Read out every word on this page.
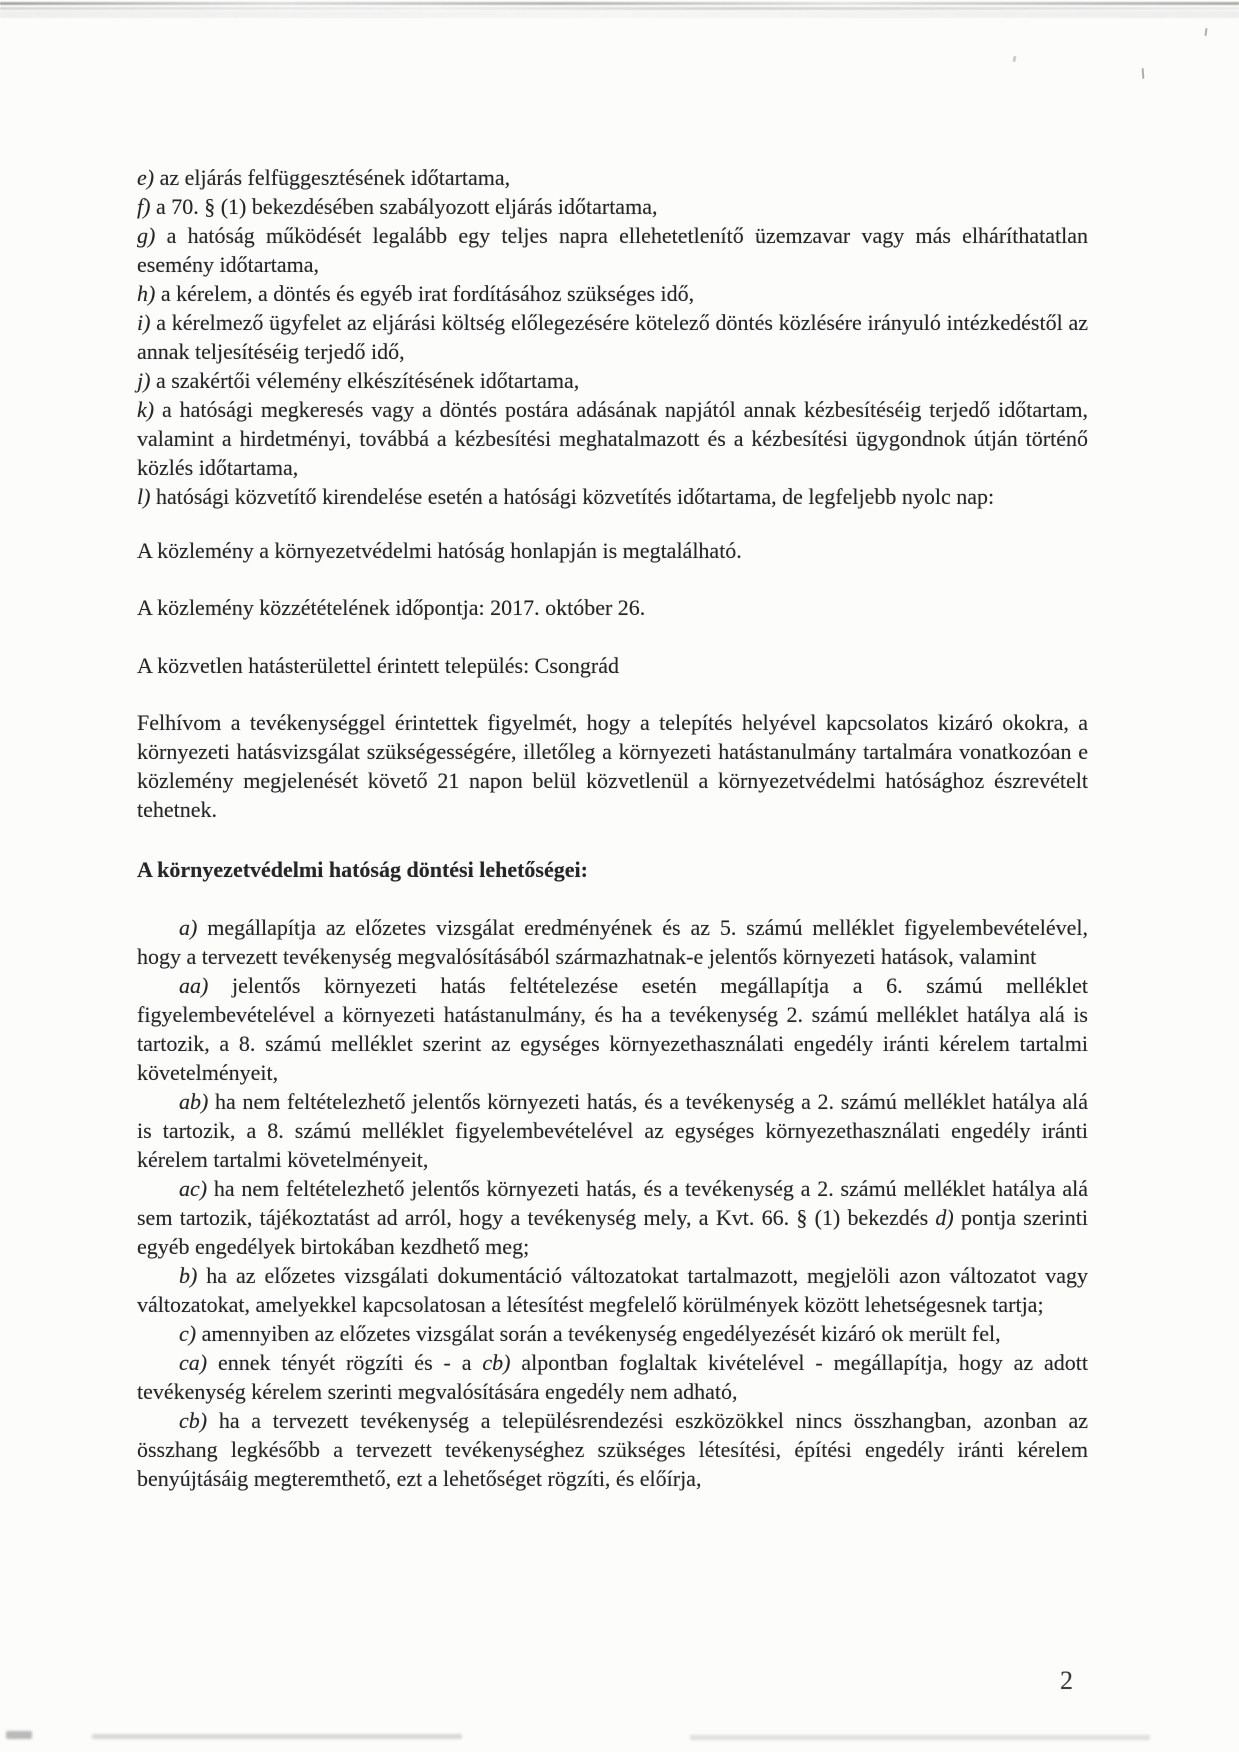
e) az eljárás felfüggesztésének időtartama,

f) a 70. § (1) bekezdésében szabályozott eljárás időtartama,

g) a hatóság működését legalább egy teljes napra ellehetetlenítő üzemzavar vagy más elháríthatatlan esemény időtartama,

h) a kérelem, a döntés és egyéb irat fordításához szükséges idő,

i) a kérelmező ügyfelet az eljárási költség előlegezésére kötelező döntés közlésére irányuló intézkedéstől az annak teljesítéséig terjedő idő,

j) a szakértői vélemény elkészítésének időtartama,

k) a hatósági megkeresés vagy a döntés postára adásának napjától annak kézbesítéséig terjedő időtartam, valamint a hirdetményi, továbbá a kézbesítési meghatalmazott és a kézbesítési ügygondnok útján történő közlés időtartama,

l) hatósági közvetítő kirendelése esetén a hatósági közvetítés időtartama, de legfeljebb nyolc nap:

A közlemény a környezetvédelmi hatóság honlapján is megtalálható.

A közlemény közzétételének időpontja: 2017. október 26.

A közvetlen hatásterülettel érintett település: Csongrád

Felhívom a tevékenységgel érintettek figyelmét, hogy a telepítés helyével kapcsolatos kizáró okokra, a környezeti hatásvizsgálat szükségességére, illetőleg a környezeti hatástanulmány tartalmára vonatkozóan e közlemény megjelenését követő 21 napon belül közvetlenül a környezetvédelmi hatósághoz észrevételt tehetnek.

A környezetvédelmi hatóság döntési lehetőségei:

a) megállapítja az előzetes vizsgálat eredményének és az 5. számú melléklet figyelembevételével, hogy a tervezett tevékenység megvalósításából származhatnak-e jelentős környezeti hatások, valamint

aa) jelentős környezeti hatás feltételezése esetén megállapítja a 6. számú melléklet figyelembevételével a környezeti hatástanulmány, és ha a tevékenység 2. számú melléklet hatálya alá is tartozik, a 8. számú melléklet szerint az egységes környezethasználati engedély iránti kérelem tartalmi követelményeit,

ab) ha nem feltételezhető jelentős környezeti hatás, és a tevékenység a 2. számú melléklet hatálya alá is tartozik, a 8. számú melléklet figyelembevételével az egységes környezethasználati engedély iránti kérelem tartalmi követelményeit,

ac) ha nem feltételezhető jelentős környezeti hatás, és a tevékenység a 2. számú melléklet hatálya alá sem tartozik, tájékoztatást ad arról, hogy a tevékenység mely, a Kvt. 66. § (1) bekezdés d) pontja szerinti egyéb engedélyek birtokában kezdhető meg;

b) ha az előzetes vizsgálati dokumentáció változatokat tartalmazott, megjelöli azon változatot vagy változatokat, amelyekkel kapcsolatosan a létesítést megfelelő körülmények között lehetségesnek tartja;

c) amennyiben az előzetes vizsgálat során a tevékenység engedélyezését kizáró ok merült fel,

ca) ennek tényét rögzíti és - a cb) alpontban foglaltak kivételével - megállapítja, hogy az adott tevékenység kérelem szerinti megvalósítására engedély nem adható,

cb) ha a tervezett tevékenység a településrendezési eszközökkel nincs összhangban, azonban az összhang legkésőbb a tervezett tevékenységhez szükséges létesítési, építési engedély iránti kérelem benyújtásáig megteremthető, ezt a lehetőséget rögzíti, és előírja,

2
